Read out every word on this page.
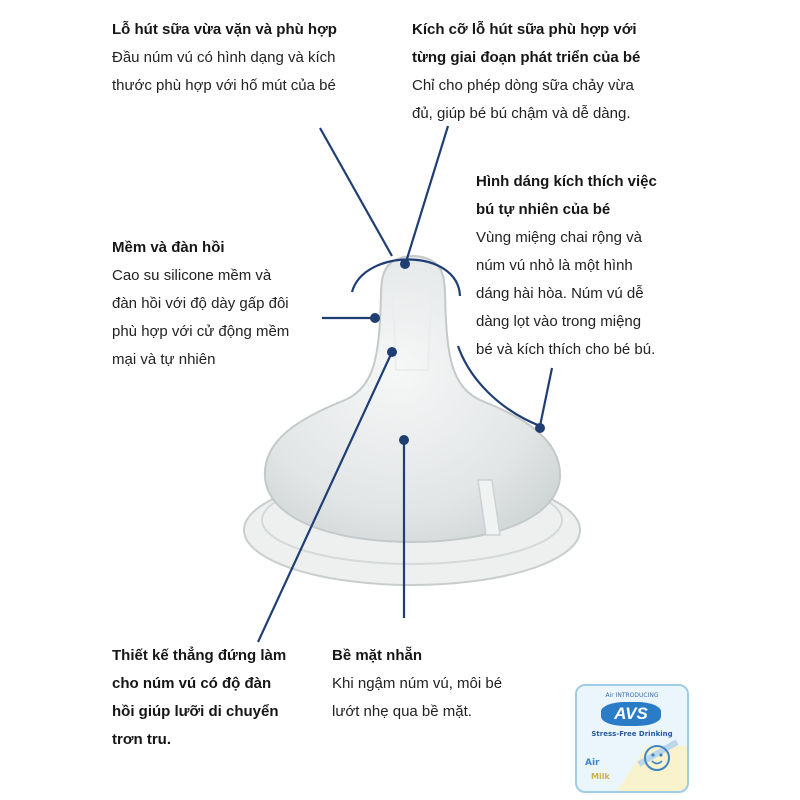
Lỗ hút sữa vừa vặn và phù hợp
Đầu núm vú có hình dạng và kích
thước phù hợp với hố mút của bé
Kích cỡ lỗ hút sữa phù hợp với
từng giai đoạn phát triển của bé
Chỉ cho phép dòng sữa chảy vừa
đủ, giúp bé bú chậm và dễ dàng.
Hình dáng kích thích việc
bú tự nhiên của bé
Vùng miệng chai rộng và
núm vú nhỏ là một hình
dáng hài hòa. Núm vú dễ
dàng lọt vào trong miệng
bé và kích thích cho bé bú.
Mềm và đàn hồi
Cao su silicone mềm và
đàn hồi với độ dày gấp đôi
phù hợp với cử động mềm
mại và tự nhiên
Thiết kế thẳng đứng làm
cho núm vú có độ đàn
hồi giúp lưỡi di chuyển
trơn tru.
Bề mặt nhẵn
Khi ngậm núm vú, môi bé
lướt nhẹ qua bề mặt.
Air INTRODUCING
AVS
Stress-Free Drinking
Air
Milk
